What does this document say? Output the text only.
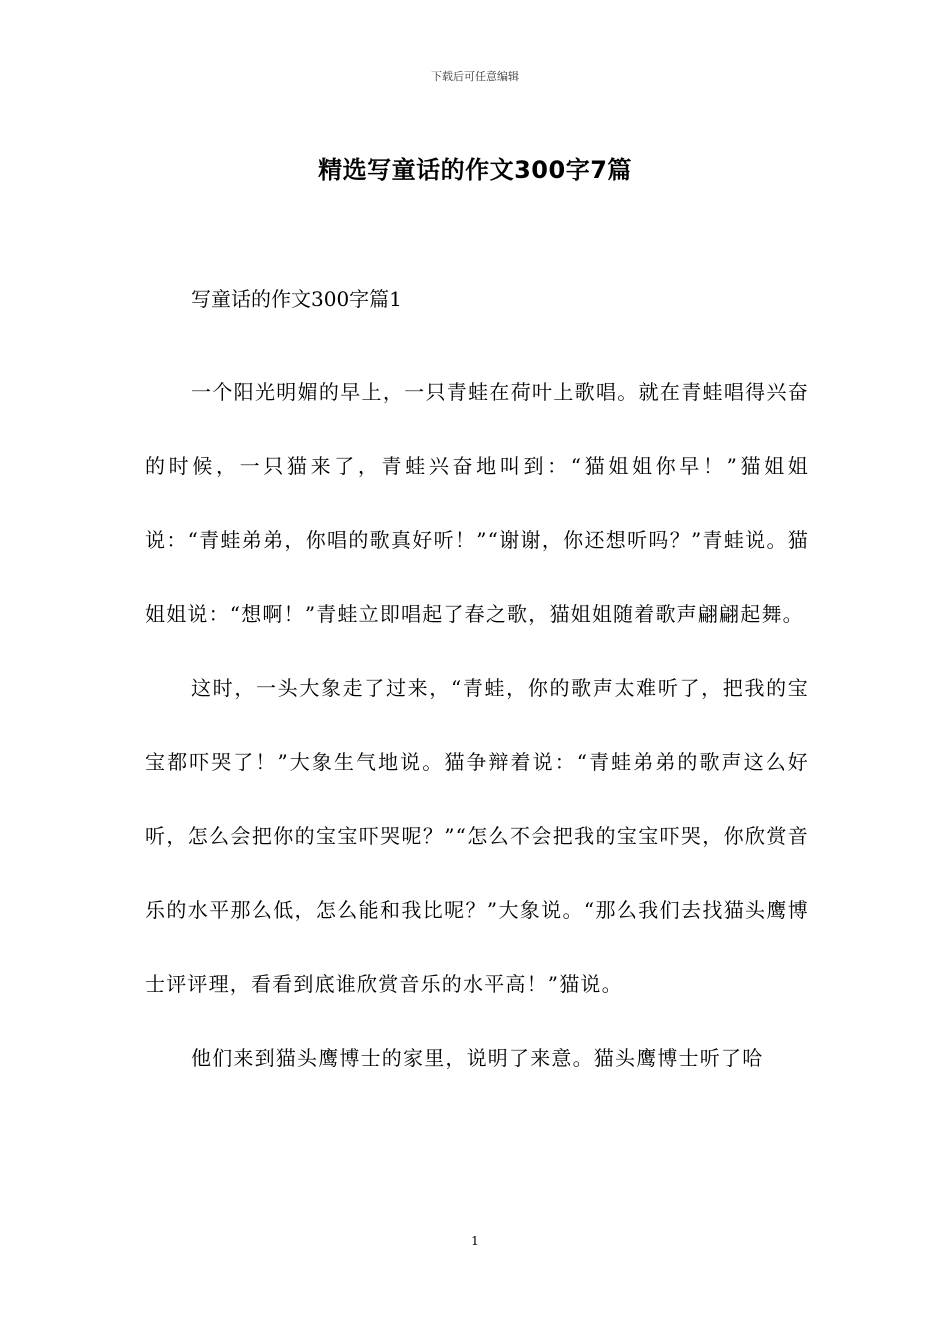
下载后可任意编辑
精选写童话的作文300字7篇

写童话的作文300字篇1

一个阳光明媚的早上，一只青蛙在荷叶上歌唱。就在青蛙唱得兴奋的时候，一只猫来了，青蛙兴奋地叫到：“猫姐姐你早！”猫姐姐说：“青蛙弟弟，你唱的歌真好听！”“谢谢，你还想听吗？”青蛙说。猫姐姐说：“想啊！”青蛙立即唱起了春之歌，猫姐姐随着歌声翩翩起舞。

这时，一头大象走了过来，“青蛙，你的歌声太难听了，把我的宝宝都吓哭了！”大象生气地说。猫争辩着说：“青蛙弟弟的歌声这么好听，怎么会把你的宝宝吓哭呢？”“怎么不会把我的宝宝吓哭，你欣赏音乐的水平那么低，怎么能和我比呢？”大象说。“那么我们去找猫头鹰博士评评理，看看到底谁欣赏音乐的水平高！”猫说。

他们来到猫头鹰博士的家里，说明了来意。猫头鹰博士听了哈

1
